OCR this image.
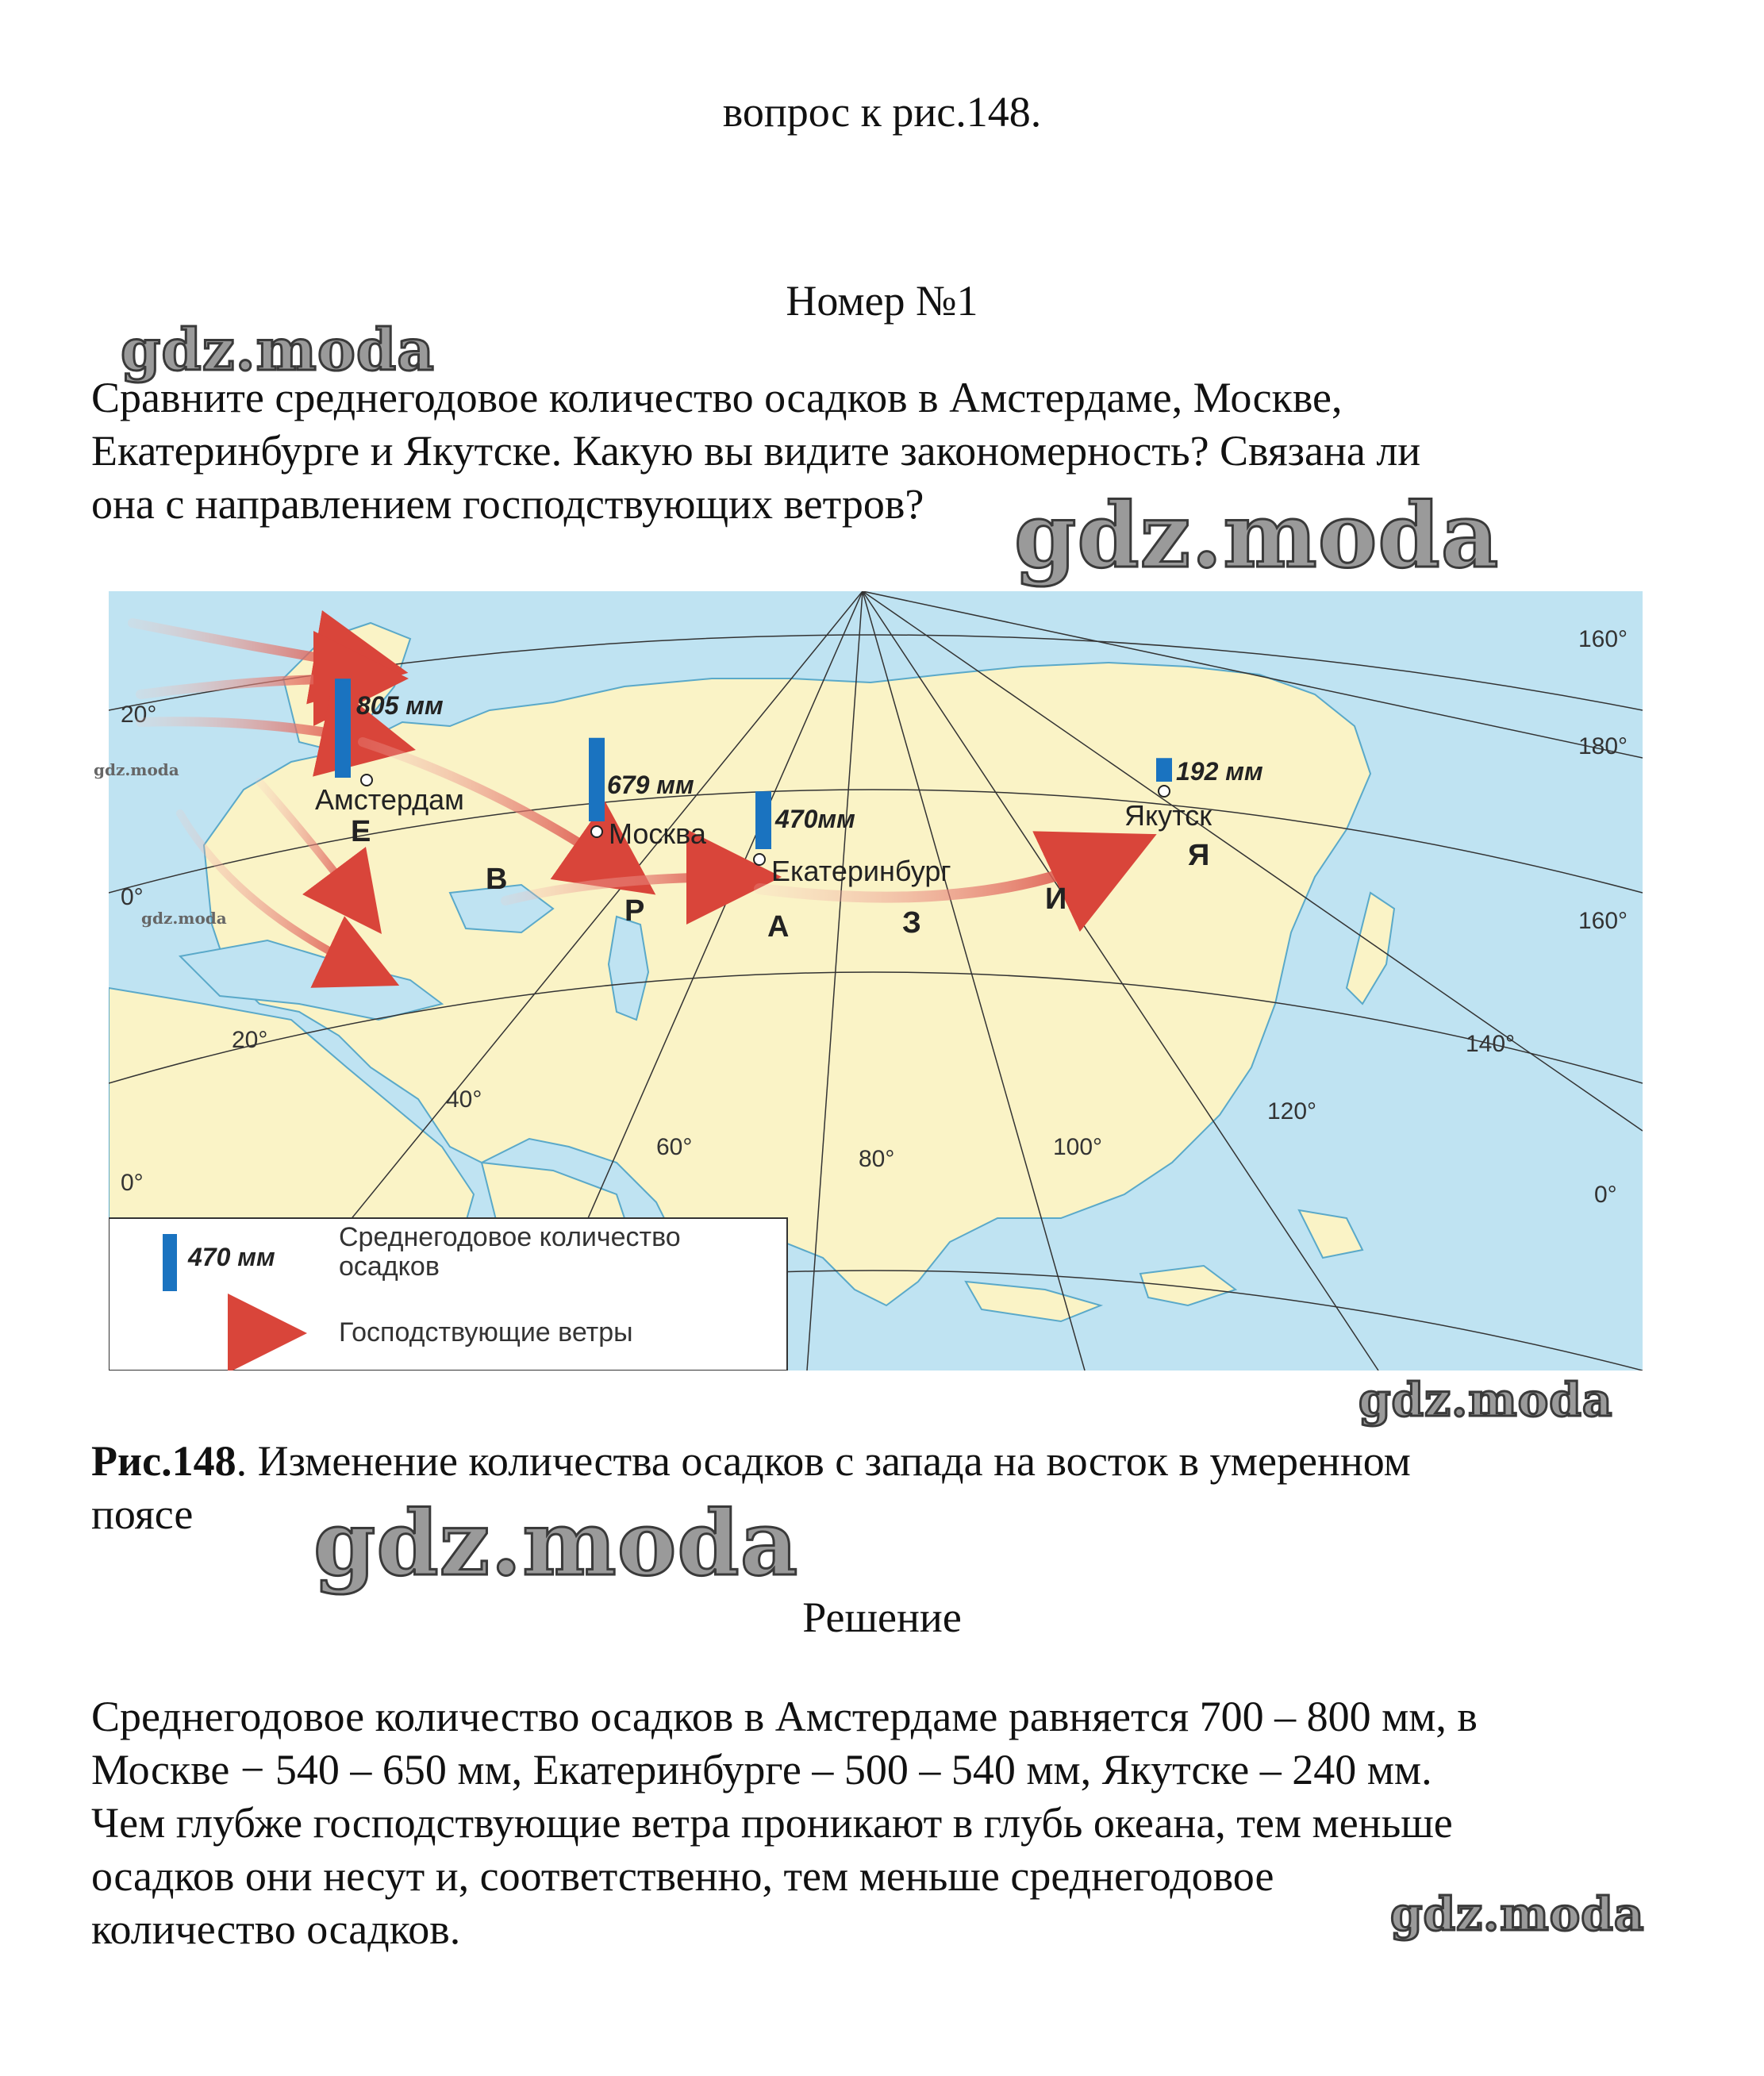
вопрос к рис.148.
Номер №1
gdz.moda
Сравните среднегодовое количество осадков в Амстердаме, Москве,
Екатеринбурге и Якутске. Какую вы видите закономерность? Связана ли
она с направлением господствующих ветров? gdz.moda
160°
180°
20°
0°
160°
140°
120°
0°
20°
40°
60°	80°	100°
0°
805 мм
Амстердам	679 мм
Москва	470мм
Екатеринбург
192 мм
Якутск
Е
В
Р	А	З
И
Я
470 мм
Среднегодовое количество
осадков
Господствующие ветры
gdz.moda
gdz.moda
gdz.moda
Рис.148. Изменение количества осадков с запада на восток в умеренном
поясе gdz.moda
Решение
Среднегодовое количество осадков в Амстердаме равняется 700 – 800 мм, в
Москве − 540 – 650 мм, Екатеринбурге – 500 – 540 мм, Якутске – 240 мм.
Чем глубже господствующие ветра проникают в глубь океана, тем меньше
осадков они несут и, соответственно, тем меньше среднегодовое
количество осадков.	gdz.moda
